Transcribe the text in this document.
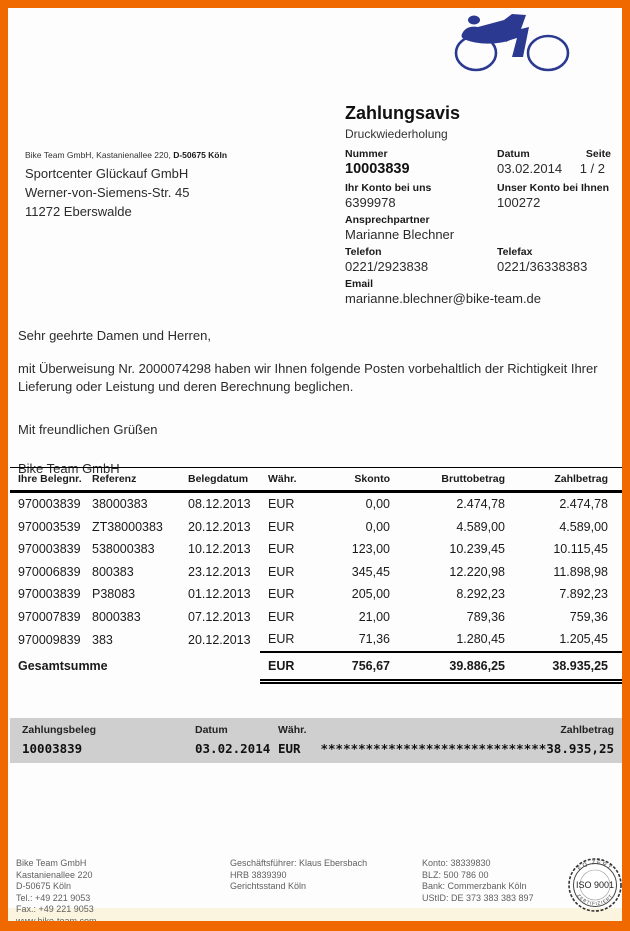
Bike Team GmbH, Kastanienallee 220, D-50675 Köln
Sportcenter Glückauf GmbH
Werner-von-Siemens-Str. 45
11272 Eberswalde
Zahlungsavis
Druckwiederholung
Nummer	Datum	Seite
10003839	03.02.2014	1 / 2
Ihr Konto bei uns	Unser Konto bei Ihnen
6399978	100272
Ansprechpartner
Marianne Blechner
Telefon	Telefax
0221/2923838	0221/36338383
Email
marianne.blechner@bike-team.de
Sehr geehrte Damen und Herren,
mit Überweisung Nr. 2000074298 haben wir Ihnen folgende Posten vorbehaltlich der Richtigkeit Ihrer Lieferung oder Leistung und deren Berechnung beglichen.
Mit freundlichen Grüßen
Bike Team GmbH
Ihre Belegnr.	Referenz	Belegdatum	Währ.	Skonto	Bruttobetrag	Zahlbetrag
970003839	38000383	08.12.2013	EUR	0,00	2.474,78	2.474,78
970003539	ZT38000383	20.12.2013	EUR	0,00	4.589,00	4.589,00
970003839	538000383	10.12.2013	EUR	123,00	10.239,45	10.115,45
970006839	800383	23.12.2013	EUR	345,45	12.220,98	11.898,98
970003839	P38083	01.12.2013	EUR	205,00	8.292,23	7.892,23
970007839	8000383	07.12.2013	EUR	21,00	789,36	759,36
970009839	383	20.12.2013	EUR	71,36	1.280,45	1.205,45
Gesamtsumme			EUR	756,67	39.886,25	38.935,25
Zahlungsbeleg	Datum	Währ.	Zahlbetrag
10003839	03.02.2014 EUR ******************************38.935,25
Bike Team GmbH
Kastanienallee 220
D-50675 Köln
Tel.: +49 221 9053
Fax.: +49 221 9053
www.bike-team.com
Geschäftsführer: Klaus Ebersbach
HRB 3839390
Gerichtsstand Köln
Konto: 38339830
BLZ: 500 786 00
Bank: Commerzbank Köln
UStID: DE 373 383 383 897
EQ ZERT
ISO 9001
ZERTIFIZIERT
